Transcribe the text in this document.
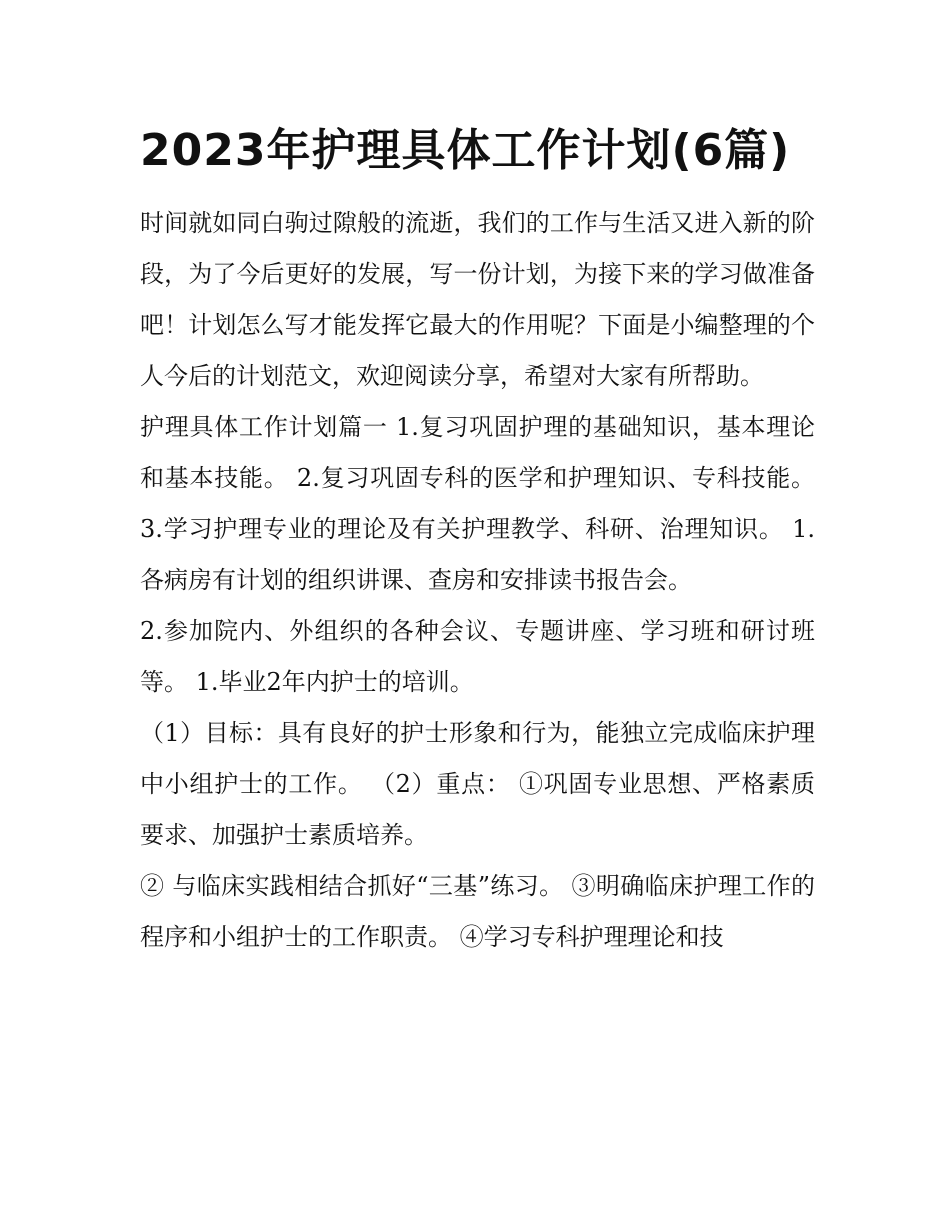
2023年护理具体工作计划(6篇)

时间就如同白驹过隙般的流逝，我们的工作与生活又进入新的阶段，为了今后更好的发展，写一份计划，为接下来的学习做准备吧！计划怎么写才能发挥它最大的作用呢？下面是小编整理的个人今后的计划范文，欢迎阅读分享，希望对大家有所帮助。

护理具体工作计划篇一 1.复习巩固护理的基础知识，基本理论和基本技能。 2.复习巩固专科的医学和护理知识、专科技能。 3.学习护理专业的理论及有关护理教学、科研、治理知识。 1.各病房有计划的组织讲课、查房和安排读书报告会。

2.参加院内、外组织的各种会议、专题讲座、学习班和研讨班等。 1.毕业2年内护士的培训。

（1）目标：具有良好的护士形象和行为，能独立完成临床护理中小组护士的工作。 （2）重点： ①巩固专业思想、严格素质要求、加强护士素质培养。

② 与临床实践相结合抓好“三基”练习。 ③明确临床护理工作的程序和小组护士的工作职责。 ④学习专科护理理论和技
